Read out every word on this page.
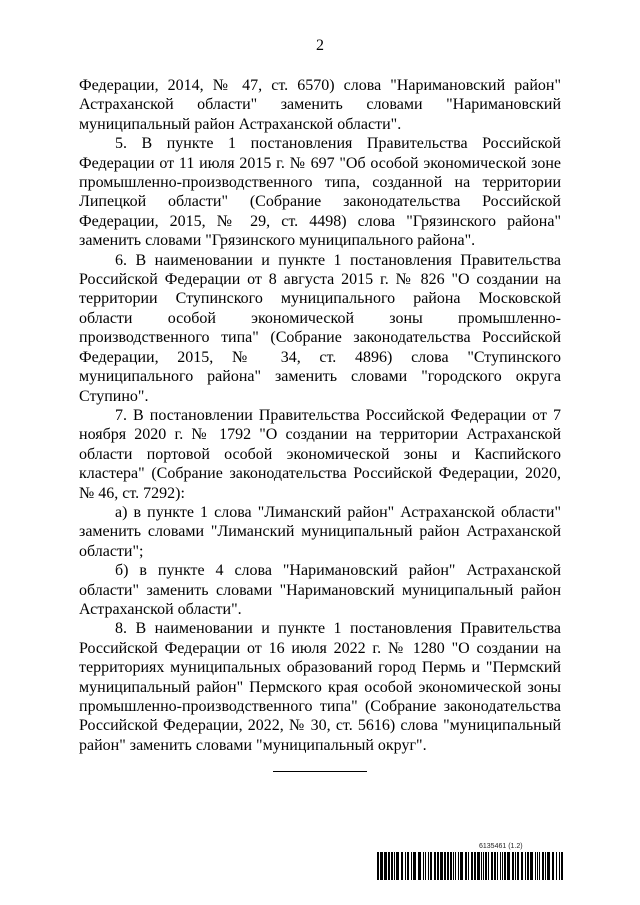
2

Федерации, 2014, № 47, ст. 6570) слова "Наримановский район" Астраханской области" заменить словами "Наримановский муниципальный район Астраханской области".

5. В пункте 1 постановления Правительства Российской Федерации от 11 июля 2015 г. № 697 "Об особой экономической зоне промышленно-производственного типа, созданной на территории Липецкой области" (Собрание законодательства Российской Федерации, 2015, № 29, ст. 4498) слова "Грязинского района" заменить словами "Грязинского муниципального района".

6. В наименовании и пункте 1 постановления Правительства Российской Федерации от 8 августа 2015 г. № 826 "О создании на территории Ступинского муниципального района Московской области особой экономической зоны промышленно-производственного типа" (Собрание законодательства Российской Федерации, 2015, № 34, ст. 4896) слова "Ступинского муниципального района" заменить словами "городского округа Ступино".

7. В постановлении Правительства Российской Федерации от 7 ноября 2020 г. № 1792 "О создании на территории Астраханской области портовой особой экономической зоны и Каспийского кластера" (Собрание законодательства Российской Федерации, 2020, № 46, ст. 7292):

а) в пункте 1 слова "Лиманский район" Астраханской области" заменить словами "Лиманский муниципальный район Астраханской области";

б) в пункте 4 слова "Наримановский район" Астраханской области" заменить словами "Наримановский муниципальный район Астраханской области".

8. В наименовании и пункте 1 постановления Правительства Российской Федерации от 16 июля 2022 г. № 1280 "О создании на территориях муниципальных образований город Пермь и "Пермский муниципальный район" Пермского края особой экономической зоны промышленно-производственного типа" (Собрание законодательства Российской Федерации, 2022, № 30, ст. 5616) слова "муниципальный район" заменить словами "муниципальный округ".

6135461 (1.2)
